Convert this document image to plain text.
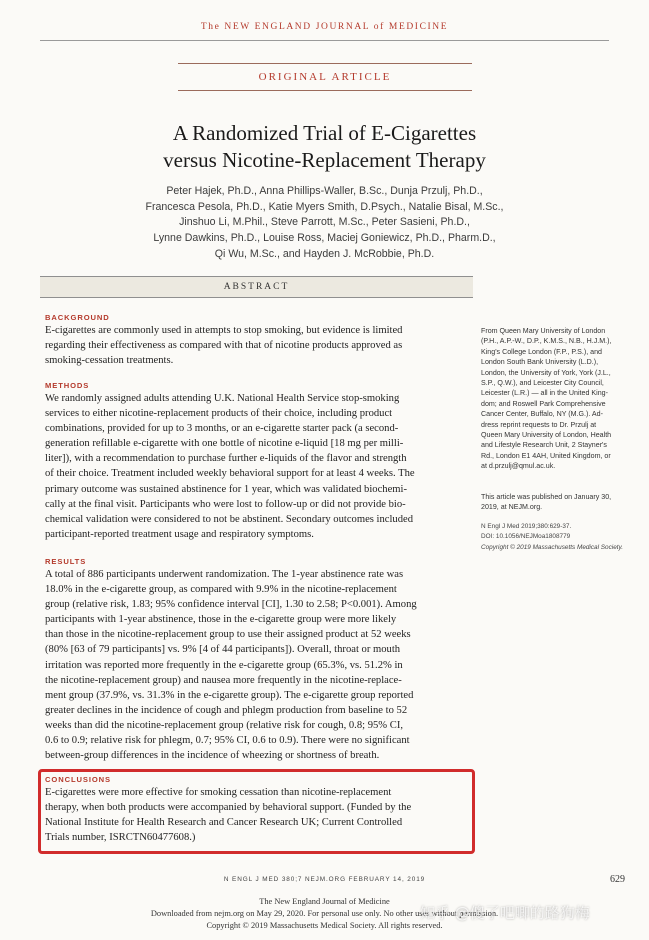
The NEW ENGLAND JOURNAL of MEDICINE
ORIGINAL ARTICLE
A Randomized Trial of E-Cigarettes
versus Nicotine-Replacement Therapy
Peter Hajek, Ph.D., Anna Phillips-Waller, B.Sc., Dunja Przulj, Ph.D.,
Francesca Pesola, Ph.D., Katie Myers Smith, D.Psych., Natalie Bisal, M.Sc.,
Jinshuo Li, M.Phil., Steve Parrott, M.Sc., Peter Sasieni, Ph.D.,
Lynne Dawkins, Ph.D., Louise Ross, Maciej Goniewicz, Ph.D., Pharm.D.,
Qi Wu, M.Sc., and Hayden J. McRobbie, Ph.D.
ABSTRACT
BACKGROUND
E-cigarettes are commonly used in attempts to stop smoking, but evidence is limited
regarding their effectiveness as compared with that of nicotine products approved as
smoking-cessation treatments.
METHODS
We randomly assigned adults attending U.K. National Health Service stop-smoking
services to either nicotine-replacement products of their choice, including product
combinations, provided for up to 3 months, or an e-cigarette starter pack (a second-
generation refillable e-cigarette with one bottle of nicotine e-liquid [18 mg per milli-
liter]), with a recommendation to purchase further e-liquids of the flavor and strength
of their choice. Treatment included weekly behavioral support for at least 4 weeks. The
primary outcome was sustained abstinence for 1 year, which was validated biochemi-
cally at the final visit. Participants who were lost to follow-up or did not provide bio-
chemical validation were considered to not be abstinent. Secondary outcomes included
participant-reported treatment usage and respiratory symptoms.
RESULTS
A total of 886 participants underwent randomization. The 1-year abstinence rate was
18.0% in the e-cigarette group, as compared with 9.9% in the nicotine-replacement
group (relative risk, 1.83; 95% confidence interval [CI], 1.30 to 2.58; P<0.001). Among
participants with 1-year abstinence, those in the e-cigarette group were more likely
than those in the nicotine-replacement group to use their assigned product at 52 weeks
(80% [63 of 79 participants] vs. 9% [4 of 44 participants]). Overall, throat or mouth
irritation was reported more frequently in the e-cigarette group (65.3%, vs. 51.2% in
the nicotine-replacement group) and nausea more frequently in the nicotine-replace-
ment group (37.9%, vs. 31.3% in the e-cigarette group). The e-cigarette group reported
greater declines in the incidence of cough and phlegm production from baseline to 52
weeks than did the nicotine-replacement group (relative risk for cough, 0.8; 95% CI,
0.6 to 0.9; relative risk for phlegm, 0.7; 95% CI, 0.6 to 0.9). There were no significant
between-group differences in the incidence of wheezing or shortness of breath.
CONCLUSIONS
E-cigarettes were more effective for smoking cessation than nicotine-replacement
therapy, when both products were accompanied by behavioral support. (Funded by the
National Institute for Health Research and Cancer Research UK; Current Controlled
Trials number, ISRCTN60477608.)
From Queen Mary University of London
(P.H., A.P.-W., D.P., K.M.S., N.B., H.J.M.),
King's College London (F.P., P.S.), and
London South Bank University (L.D.),
London, the University of York, York (J.L.,
S.P., Q.W.), and Leicester City Council,
Leicester (L.R.) — all in the United King-
dom; and Roswell Park Comprehensive
Cancer Center, Buffalo, NY (M.G.). Ad-
dress reprint requests to Dr. Przulj at
Queen Mary University of London, Health
and Lifestyle Research Unit, 2 Stayner's
Rd., London E1 4AH, United Kingdom, or
at d.przulj@qmul.ac.uk.
This article was published on January 30,
2019, at NEJM.org.
N Engl J Med 2019;380:629-37.
DOI: 10.1056/NEJMoa1808779
Copyright © 2019 Massachusetts Medical Society.
N ENGL J MED 380;7 NEJM.ORG FEBRUARY 14, 2019	629
The New England Journal of Medicine
Downloaded from nejm.org on May 29, 2020. For personal use only. No other uses without permission.
Copyright © 2019 Massachusetts Medical Society. All rights reserved.
知乎 @傻了吧唧的路狗梅
